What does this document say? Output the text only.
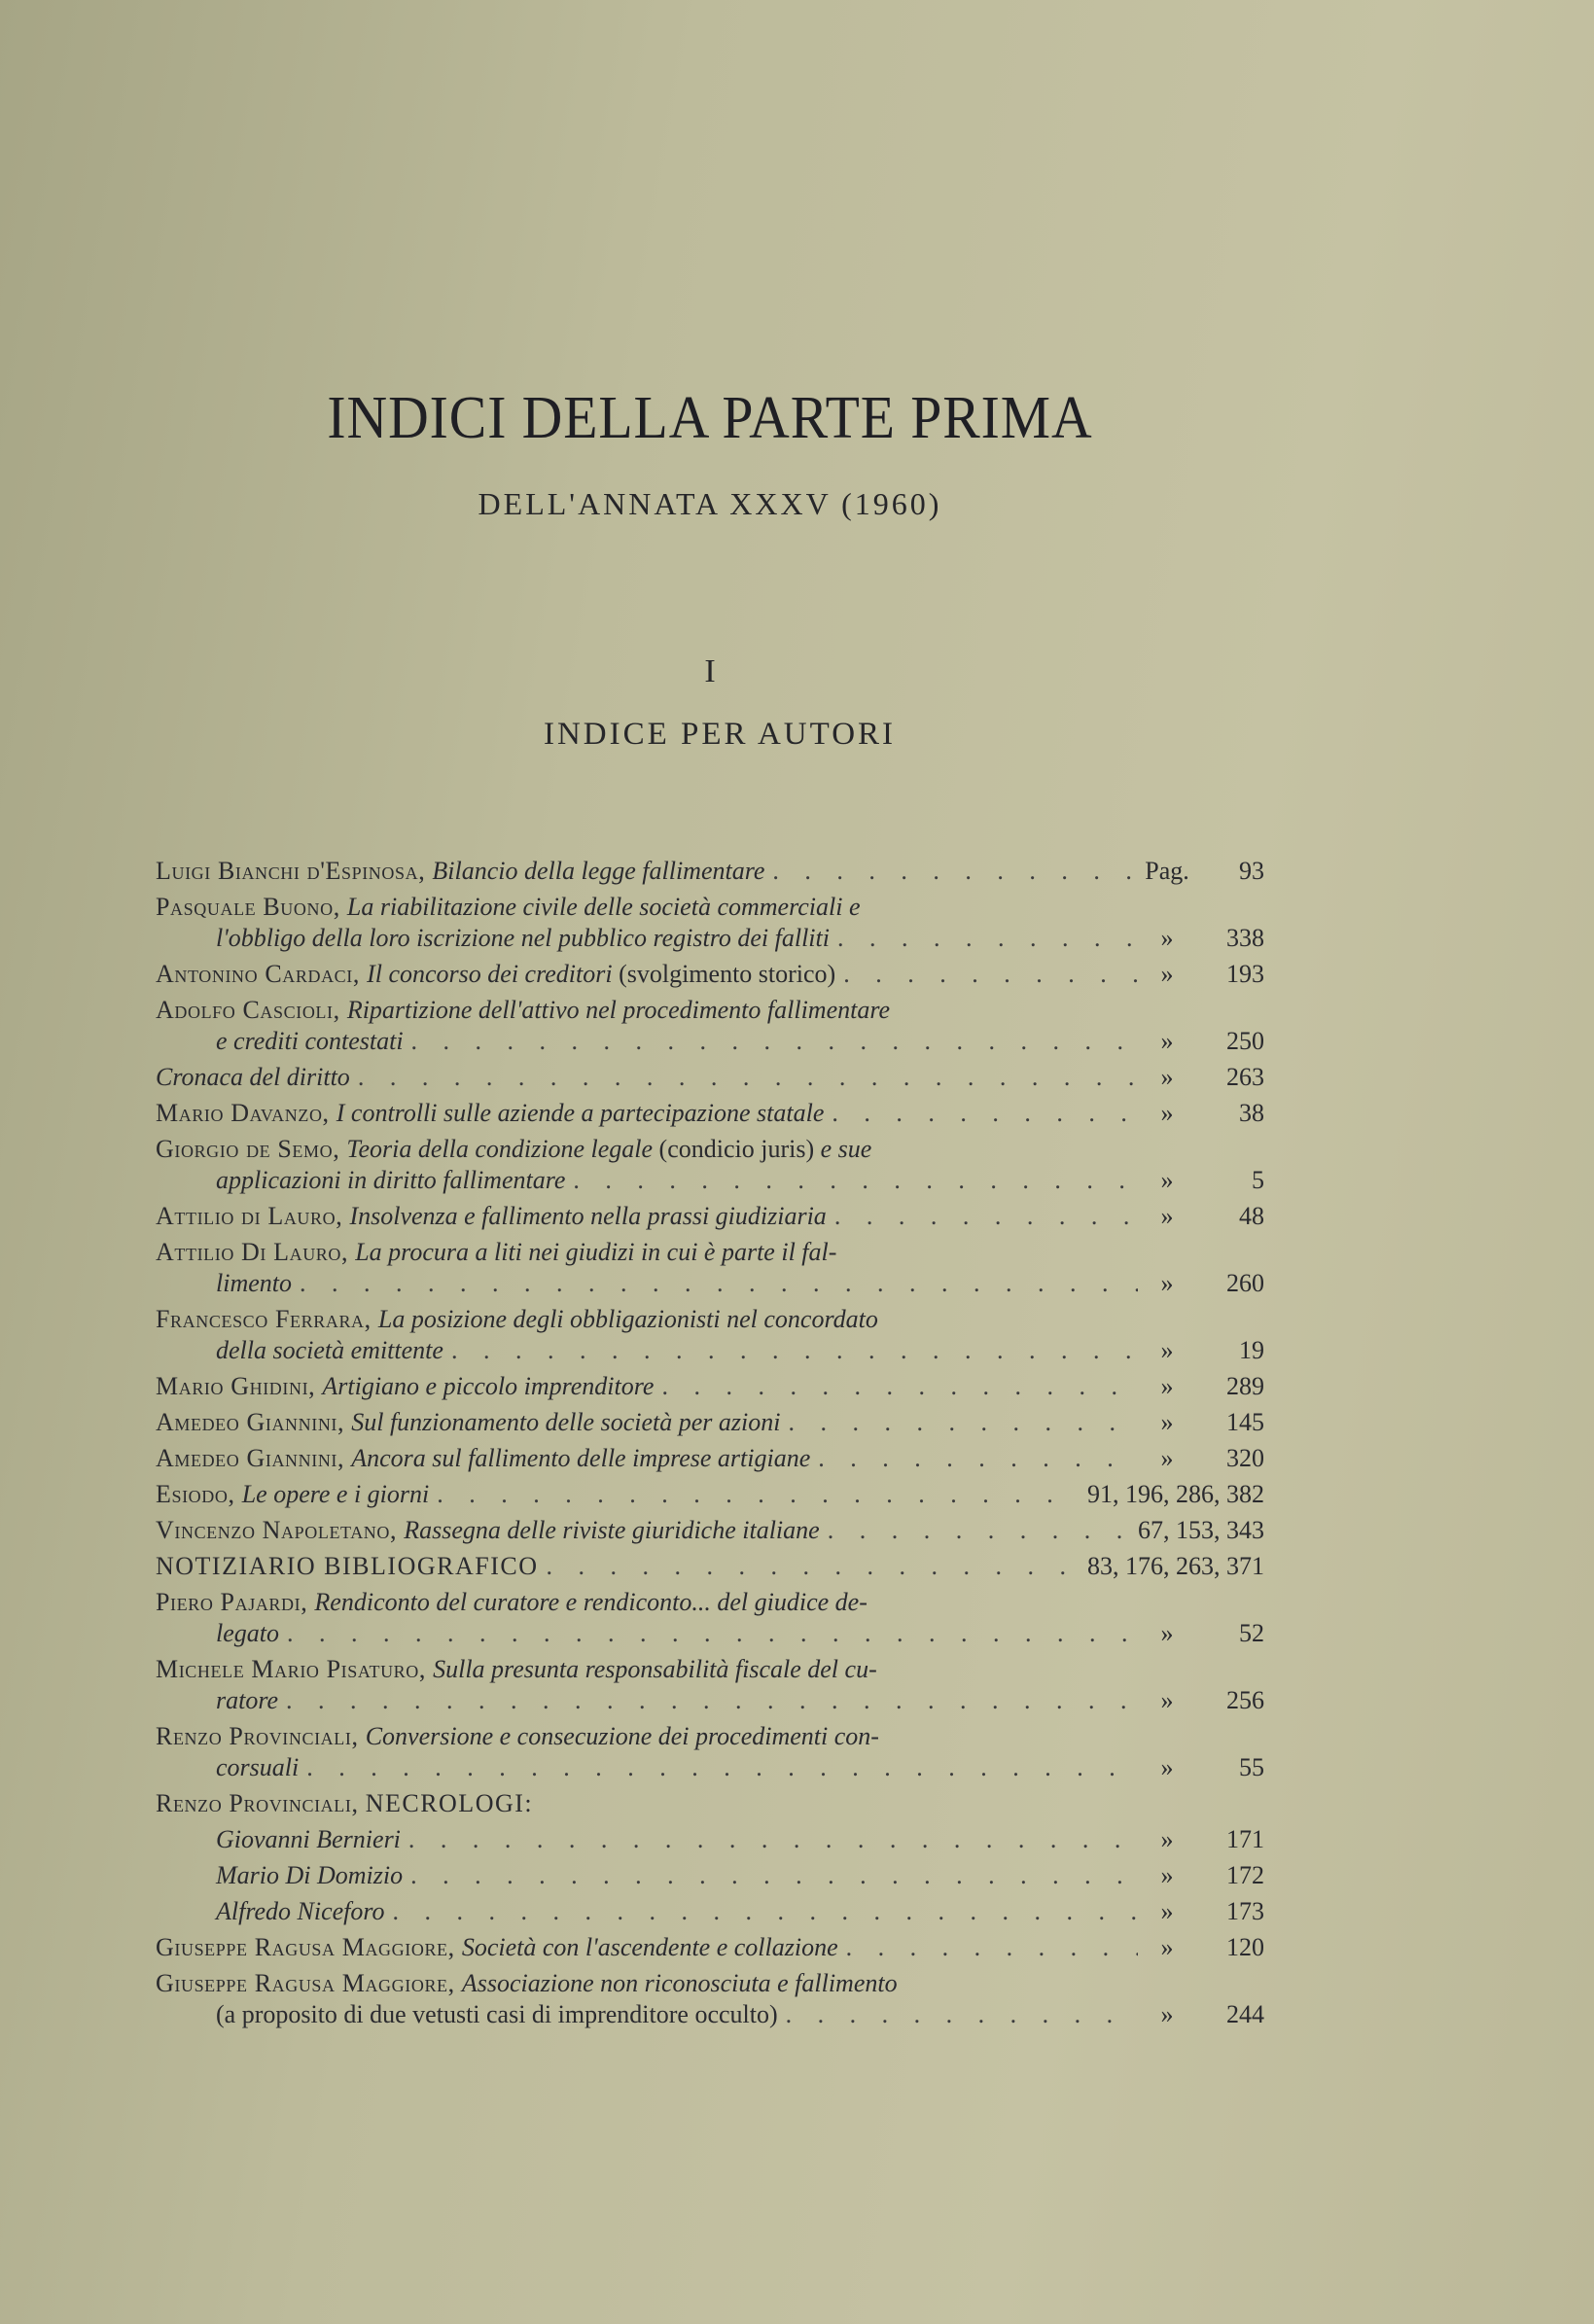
INDICI DELLA PARTE PRIMA
DELL'ANNATA XXXV (1960)
I
INDICE PER AUTORI
Luigi Bianchi d'Espinosa, Bilancio della legge fallimentare . . .	Pag.	93
Pasquale Buono, La riabilitazione civile delle società commerciali e
l'obbligo della loro iscrizione nel pubblico registro dei falliti . . .	»	338
Antonino Cardaci, Il concorso dei creditori (svolgimento storico) . . .	»	193
Adolfo Cascioli, Ripartizione dell'attivo nel procedimento fallimentare
e crediti contestati . . .	»	250
Cronaca del diritto . . .	»	263
Mario Davanzo, I controlli sulle aziende a partecipazione statale . . .	»	38
Giorgio de Semo, Teoria della condizione legale (condicio juris) e sue
applicazioni in diritto fallimentare . . .	»	5
Attilio di Lauro, Insolvenza e fallimento nella prassi giudiziaria . . .	»	48
Attilio Di Lauro, La procura a liti nei giudizi in cui è parte il fal-
limento . . .	»	260
Francesco Ferrara, La posizione degli obbligazionisti nel concordato
della società emittente . . .	»	19
Mario Ghidini, Artigiano e piccolo imprenditore . . .	»	289
Amedeo Giannini, Sul funzionamento delle società per azioni . . .	»	145
Amedeo Giannini, Ancora sul fallimento delle imprese artigiane . . .	»	320
Esiodo, Le opere e i giorni . . .	91, 196, 286, 382
Vincenzo Napoletano, Rassegna delle riviste giuridiche italiane . . .	67, 153, 343
NOTIZIARIO BIBLIOGRAFICO . . .	83, 176, 263, 371
Piero Pajardi, Rendiconto del curatore e rendiconto... del giudice de-
legato . . .	»	52
Michele Mario Pisaturo, Sulla presunta responsabilità fiscale del cu-
ratore . . .	»	256
Renzo Provinciali, Conversione e consecuzione dei procedimenti con-
corsuali . . .	»	55
Renzo Provinciali, NECROLOGI:
Giovanni Bernieri . . .	»	171
Mario Di Domizio . . .	»	172
Alfredo Niceforo . . .	»	173
Giuseppe Ragusa Maggiore, Società con l'ascendente e collazione . . .	»	120
Giuseppe Ragusa Maggiore, Associazione non riconosciuta e fallimento
(a proposito di due vetusti casi di imprenditore occulto) . . .	»	244
